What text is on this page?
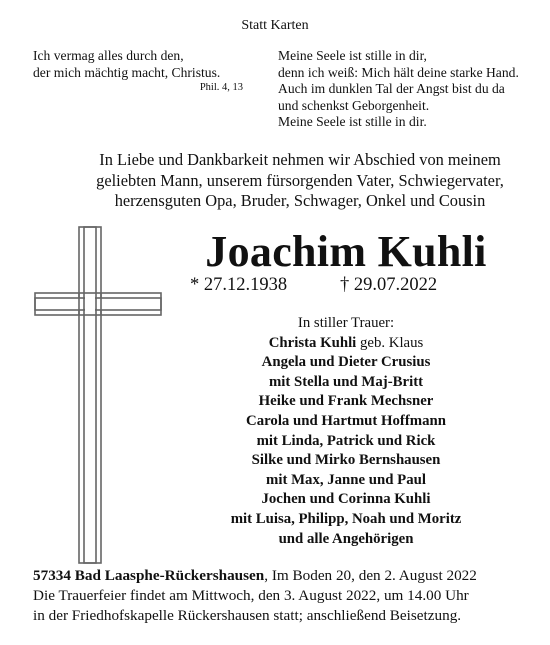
Statt Karten
Ich vermag alles durch den,
der mich mächtig macht, Christus.
Phil. 4, 13
Meine Seele ist stille in dir,
denn ich weiß: Mich hält deine starke Hand.
Auch im dunklen Tal der Angst bist du da
und schenkst Geborgenheit.
Meine Seele ist stille in dir.
In Liebe und Dankbarkeit nehmen wir Abschied von meinem
geliebten Mann, unserem fürsorgenden Vater, Schwiegervater,
herzensguten Opa, Bruder, Schwager, Onkel und Cousin
Joachim Kuhli
* 27.12.1938	† 29.07.2022
In stiller Trauer:
Christa Kuhli geb. Klaus
Angela und Dieter Crusius
mit Stella und Maj-Britt
Heike und Frank Mechsner
Carola und Hartmut Hoffmann
mit Linda, Patrick und Rick
Silke und Mirko Bernshausen
mit Max, Janne und Paul
Jochen und Corinna Kuhli
mit Luisa, Philipp, Noah und Moritz
und alle Angehörigen
57334 Bad Laasphe-Rückershausen, Im Boden 20, den 2. August 2022
Die Trauerfeier findet am Mittwoch, den 3. August 2022, um 14.00 Uhr
in der Friedhofskapelle Rückershausen statt; anschließend Beisetzung.
